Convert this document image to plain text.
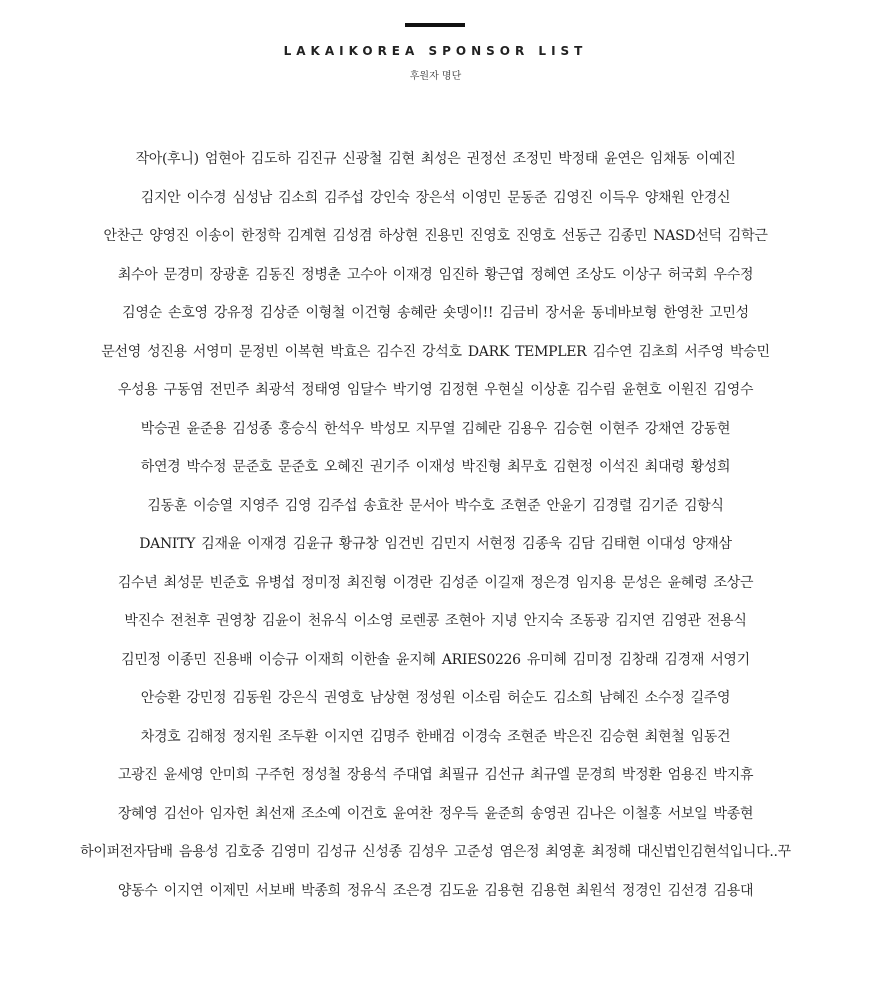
LAKAIKOREA SPONSOR LIST
후원자 명단
작아(후니) 엄현아 김도하 김진규 신광철 김현 최성은 권정선 조정민 박정태 윤연은 임채동 이예진
김지안 이수경 심성남 김소희 김주섭 강인숙 장은석 이영민 문동준 김영진 이득우 양채원 안경신
안찬근 양영진 이송이 한정학 김계현 김성겸 하상현 진용민 진영호 진영호 선동근 김종민 NASD선덕 김학근
최수아 문경미 장광훈 김동진 정병춘 고수아 이재경 임진하 황근엽 정혜연 조상도 이상구 허국회 우수정
김영순 손호영 강유정 김상준 이형철 이건형 송혜란 숏뎅이!! 김금비 장서윤 동네바보형 한영찬 고민성
문선영 성진용 서영미 문정빈 이복현 박효은 김수진 강석호 DARK TEMPLER 김수연 김초희 서주영 박승민
우성용 구동염 전민주 최광석 정태영 임달수 박기영 김정현 우현실 이상훈 김수림 윤현호 이원진 김영수
박승권 윤준용 김성종 홍승식 한석우 박성모 지무열 김혜란 김용우 김승현 이현주 강채연 강동현
하연경 박수정 문준호 문준호 오혜진 권기주 이재성 박진형 최무호 김현정 이석진 최대령 황성희
김동훈 이승열 지영주 김영 김주섭 송효찬 문서아 박수호 조현준 안윤기 김경렬 김기준 김항식
DANITY 김재윤 이재경 김윤규 황규창 임건빈 김민지 서현정 김종욱 김담 김태현 이대성 양재삼
김수년 최성문 빈준호 유병섭 정미정 최진형 이경란 김성준 이길재 정은경 임지용 문성은 윤혜령 조상근
박진수 전천후 권영창 김윤이 천유식 이소영 로렌콩 조현아 지녕 안지숙 조동광 김지연 김영관 전용식
김민정 이종민 진용배 이승규 이재희 이한솔 윤지혜 ARIES0226 유미혜 김미정 김창래 김경재 서영기
안승환 강민정 김동원 강은식 권영호 남상현 정성원 이소림 허순도 김소희 남혜진 소수정 길주영
차경호 김해정 정지원 조두환 이지연 김명주 한배검 이경숙 조현준 박은진 김승현 최현철 임동건
고광진 윤세영 안미희 구주헌 정성철 장용석 주대엽 최필규 김선규 최규엘 문경희 박정환 엄용진 박지휴
장혜영 김선아 임자헌 최선재 조소예 이건호 윤여찬 정우득 윤준희 송영권 김나은 이철홍 서보일 박종현
하이퍼전자담배 음용성 김호중 김영미 김성규 신성종 김성우 고준성 염은정 최영훈 최정해 대신법인김현석입니다..꾸
양동수 이지연 이제민 서보배 박종희 정유식 조은경 김도윤 김용현 김용현 최원석 정경인 김선경 김용대
